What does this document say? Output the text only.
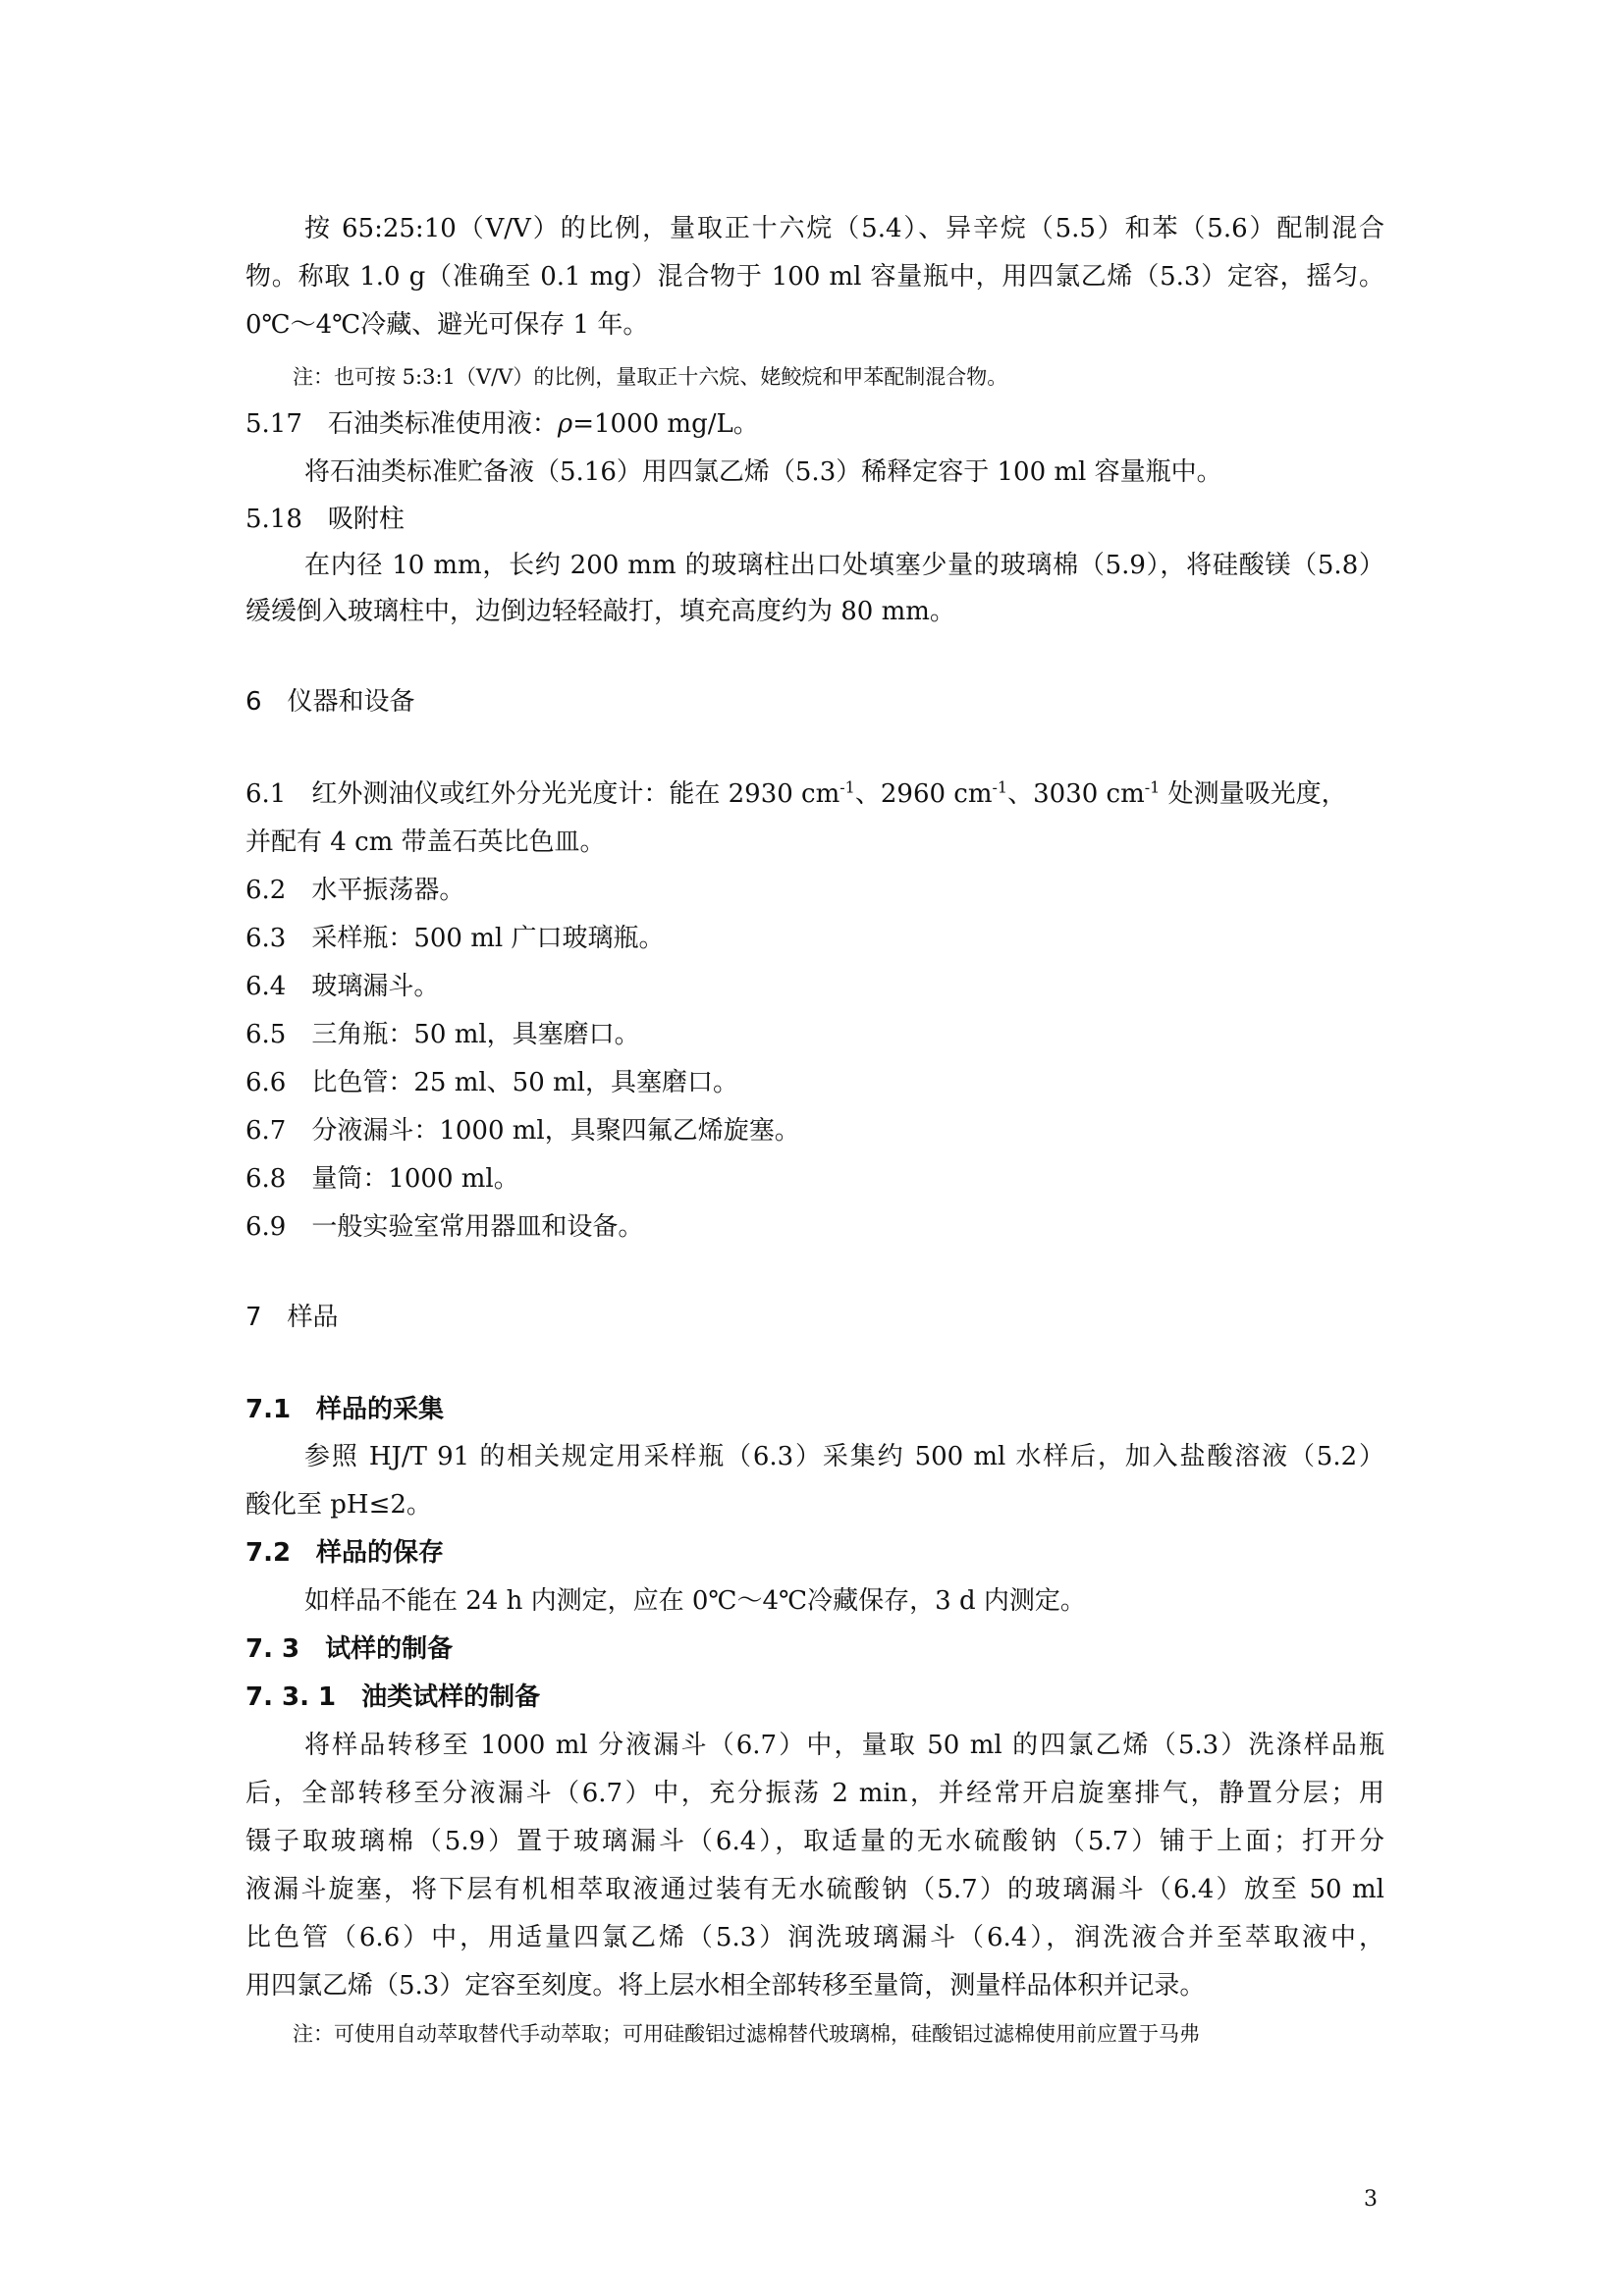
按 65:25:10（V/V）的比例，量取正十六烷（5.4）、异辛烷（5.5）和苯（5.6）配制混合
物。称取 1.0 g（准确至 0.1 mg）混合物于 100 ml 容量瓶中，用四氯乙烯（5.3）定容，摇匀。
0℃～4℃冷藏、避光可保存 1 年。
注：也可按 5:3:1（V/V）的比例，量取正十六烷、姥鲛烷和甲苯配制混合物。
5.17　石油类标准使用液：ρ=1000 mg/L。
将石油类标准贮备液（5.16）用四氯乙烯（5.3）稀释定容于 100 ml 容量瓶中。
5.18　吸附柱
在内径 10 mm，长约 200 mm 的玻璃柱出口处填塞少量的玻璃棉（5.9），将硅酸镁（5.8）
缓缓倒入玻璃柱中，边倒边轻轻敲打，填充高度约为 80 mm。
6　仪器和设备
6.1　红外测油仪或红外分光光度计：能在 2930 $cm^{-1}$、2960 $cm^{-1}$、3030 $cm^{-1}$ 处测量吸光度，
并配有 4 cm 带盖石英比色皿。
6.2　水平振荡器。
6.3　采样瓶：500 ml 广口玻璃瓶。
6.4　玻璃漏斗。
6.5　三角瓶：50 ml，具塞磨口。
6.6　比色管：25 ml、50 ml，具塞磨口。
6.7　分液漏斗：1000 ml，具聚四氟乙烯旋塞。
6.8　量筒：1000 ml。
6.9　一般实验室常用器皿和设备。
7　样品
7.1　样品的采集
参照 HJ/T 91 的相关规定用采样瓶（6.3）采集约 500 ml 水样后，加入盐酸溶液（5.2）
酸化至 pH≤2。
7.2　样品的保存
如样品不能在 24 h 内测定，应在 0℃～4℃冷藏保存，3 d 内测定。
7. 3　试样的制备
7. 3. 1　油类试样的制备
将样品转移至 1000 ml 分液漏斗（6.7）中，量取 50 ml 的四氯乙烯（5.3）洗涤样品瓶
后，全部转移至分液漏斗（6.7）中，充分振荡 2 min，并经常开启旋塞排气，静置分层；用
镊子取玻璃棉（5.9）置于玻璃漏斗（6.4），取适量的无水硫酸钠（5.7）铺于上面；打开分
液漏斗旋塞，将下层有机相萃取液通过装有无水硫酸钠（5.7）的玻璃漏斗（6.4）放至 50 ml
比色管（6.6）中，用适量四氯乙烯（5.3）润洗玻璃漏斗（6.4），润洗液合并至萃取液中，
用四氯乙烯（5.3）定容至刻度。将上层水相全部转移至量筒，测量样品体积并记录。
注：可使用自动萃取替代手动萃取；可用硅酸铝过滤棉替代玻璃棉，硅酸铝过滤棉使用前应置于马弗
3
